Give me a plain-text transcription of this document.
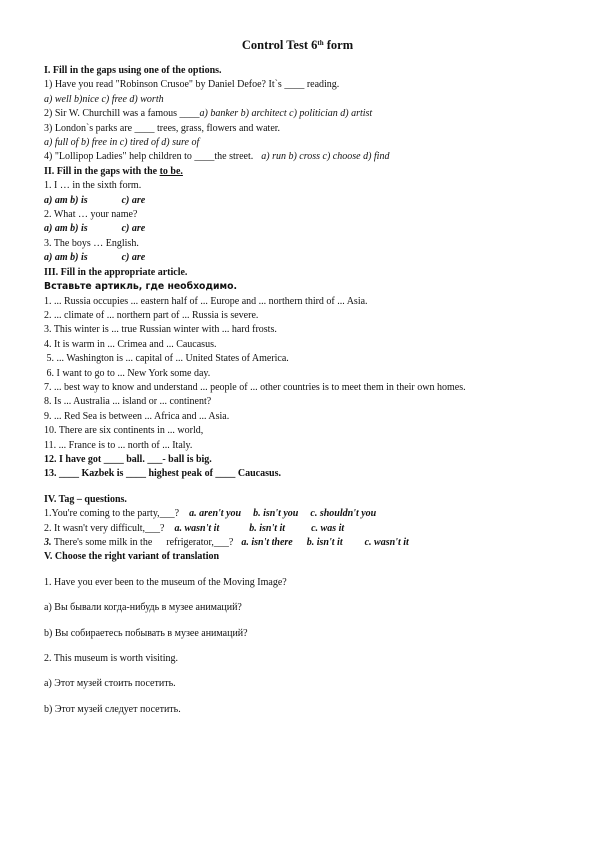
Control Test 6th form
I. Fill in the gaps using one of the options.
1) Have you read "Robinson Crusoe" by Daniel Defoe? It`s ____ reading.
a) well b)nice c) free d) worth
2) Sir W. Churchill was a famous ____a) banker b) architect c) politician d) artist
3) London`s parks are ____ trees, grass, flowers and water.
a) full of b) free in c) tired of d) sure of
4) "Lollipop Ladies" help children to ____the street. a) run b) cross c) choose d) find
II. Fill in the gaps with the to be.
1. I … in the sixth form.
a) am b) is	c) are
2. What … your name?
a) am b) is	c) are
3. The boys … English.
a) am b) is	c) are
III. Fill in the appropriate article.
Вставьте артикль, где необходимо.
1. ... Russia occupies ... eastern half of ... Europe and ... northern third of ... Asia.
2. ... climate of ... northern part of ... Russia is severe.
3. This winter is ... true Russian winter with ... hard frosts.
4. It is warm in ... Crimea and ... Caucasus.
5. ... Washington is ... capital of ... United States of America.
6. I want to go to ... New York some day.
7. ... best way to know and understand ... people of ... other countries is to meet them in their own homes.
8. Is ... Australia ... island or ... continent?
9. ... Red Sea is between ... Africa and ... Asia.
10. There are six continents in ... world,
11. ... France is to ... north of ... Italy.
12. I have got ____ ball. ___- ball is big.
13. ____ Kazbek is ____ highest peak of ____ Caucasus.
IV. Tag – questions.
1.You're coming to the party,___? a. aren't you b. isn't you c. shouldn't you
2. It wasn't very difficult,___? a. wasn't it	b. isn't it	c. was it
3. There's some milk in the refrigerator,___? a. isn't there b. isn't it c. wasn't it
V. Choose the right variant of translation
1. Have you ever been to the museum of the Moving Image?
a) Вы бывали когда-нибудь в музее анимаций?
b) Вы собираетесь побывать в музее анимаций?
2. This museum is worth visiting.
a) Этот музей стоить посетить.
b) Этот музей следует посетить.
